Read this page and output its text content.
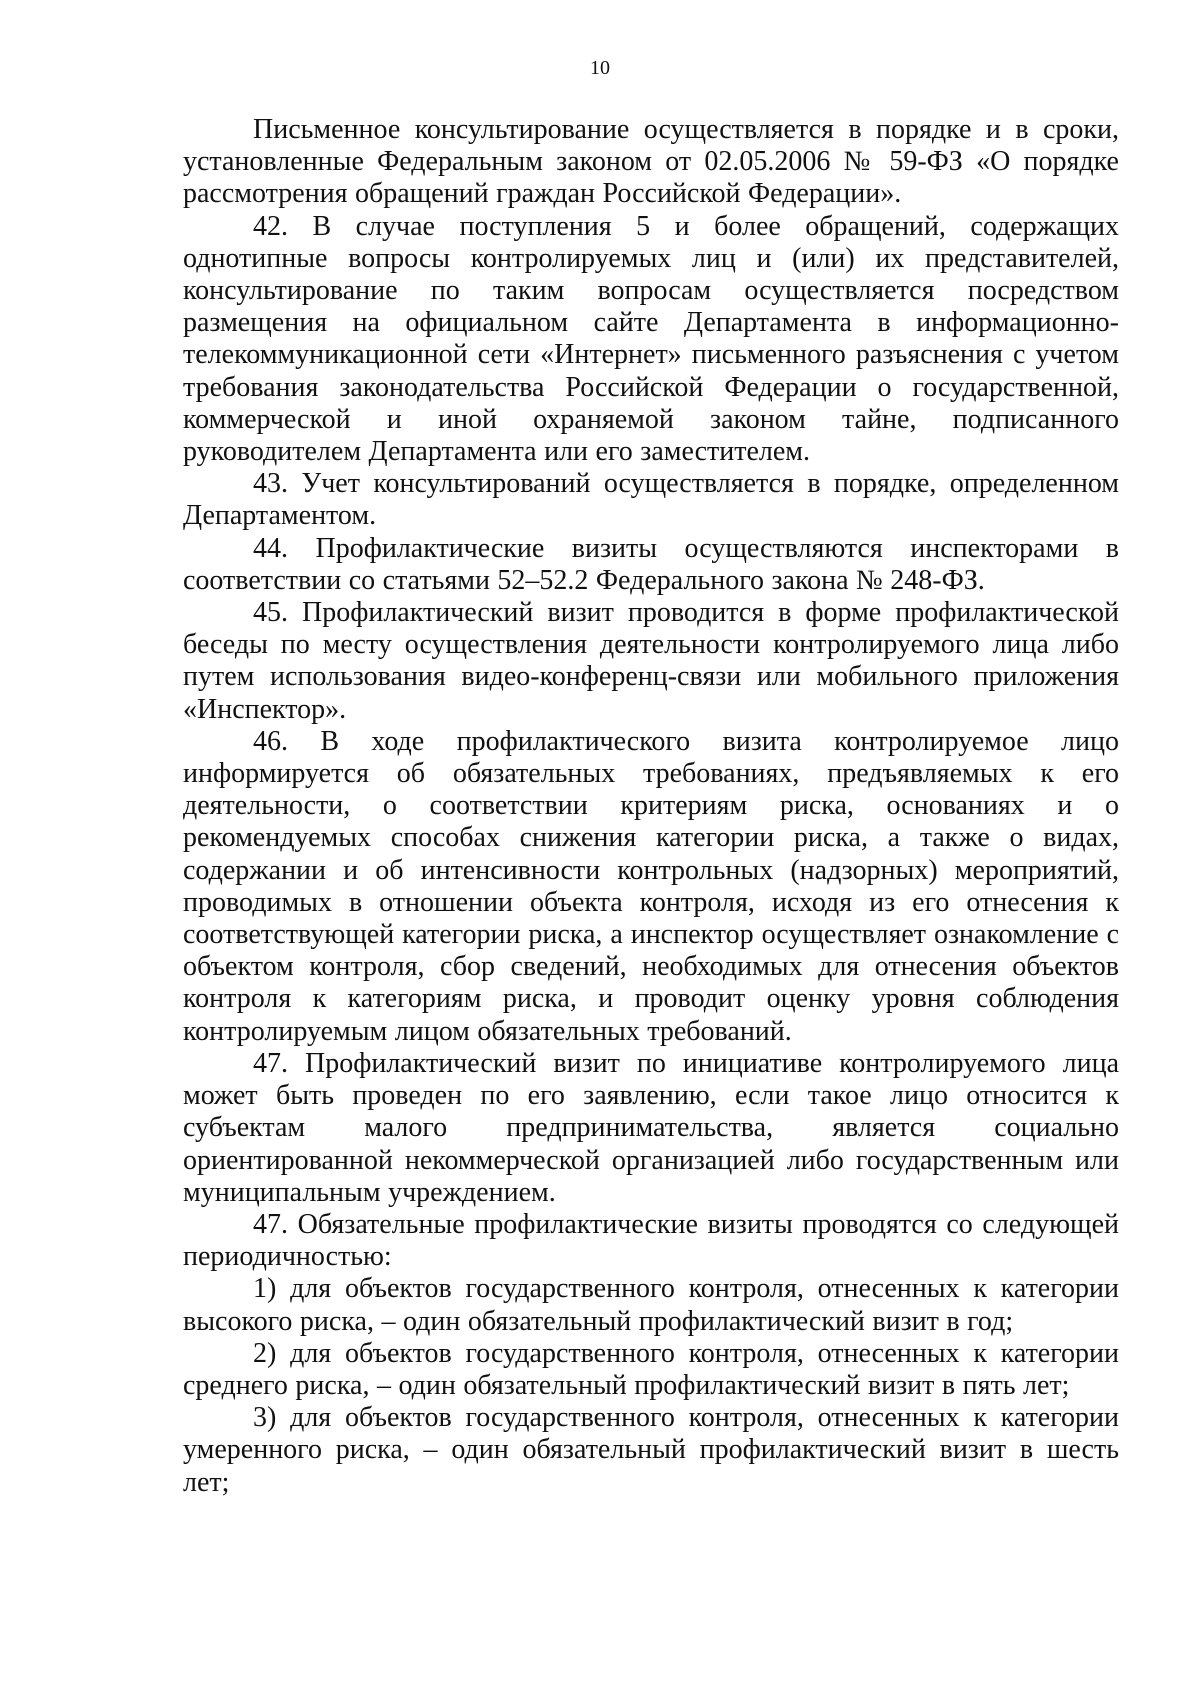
10

Письменное консультирование осуществляется в порядке и в сроки, установленные Федеральным законом от 02.05.2006 № 59-ФЗ «О порядке рассмотрения обращений граждан Российской Федерации».

42. В случае поступления 5 и более обращений, содержащих однотипные вопросы контролируемых лиц и (или) их представителей, консультирование по таким вопросам осуществляется посредством размещения на официальном сайте Департамента в информационно-телекоммуникационной сети «Интернет» письменного разъяснения с учетом требования законодательства Российской Федерации о государственной, коммерческой и иной охраняемой законом тайне, подписанного руководителем Департамента или его заместителем.

43. Учет консультирований осуществляется в порядке, определенном Департаментом.

44. Профилактические визиты осуществляются инспекторами в соответствии со статьями 52–52.2 Федерального закона № 248-ФЗ.

45. Профилактический визит проводится в форме профилактической беседы по месту осуществления деятельности контролируемого лица либо путем использования видео-конференц-связи или мобильного приложения «Инспектор».

46. В ходе профилактического визита контролируемое лицо информируется об обязательных требованиях, предъявляемых к его деятельности, о соответствии критериям риска, основаниях и о рекомендуемых способах снижения категории риска, а также о видах, содержании и об интенсивности контрольных (надзорных) мероприятий, проводимых в отношении объекта контроля, исходя из его отнесения к соответствующей категории риска, а инспектор осуществляет ознакомление с объектом контроля, сбор сведений, необходимых для отнесения объектов контроля к категориям риска, и проводит оценку уровня соблюдения контролируемым лицом обязательных требований.

47. Профилактический визит по инициативе контролируемого лица может быть проведен по его заявлению, если такое лицо относится к субъектам малого предпринимательства, является социально ориентированной некоммерческой организацией либо государственным или муниципальным учреждением.

47. Обязательные профилактические визиты проводятся со следующей периодичностью:

1) для объектов государственного контроля, отнесенных к категории высокого риска, – один обязательный профилактический визит в год;

2) для объектов государственного контроля, отнесенных к категории среднего риска, – один обязательный профилактический визит в пять лет;

3) для объектов государственного контроля, отнесенных к категории умеренного риска, – один обязательный профилактический визит в шесть лет;
